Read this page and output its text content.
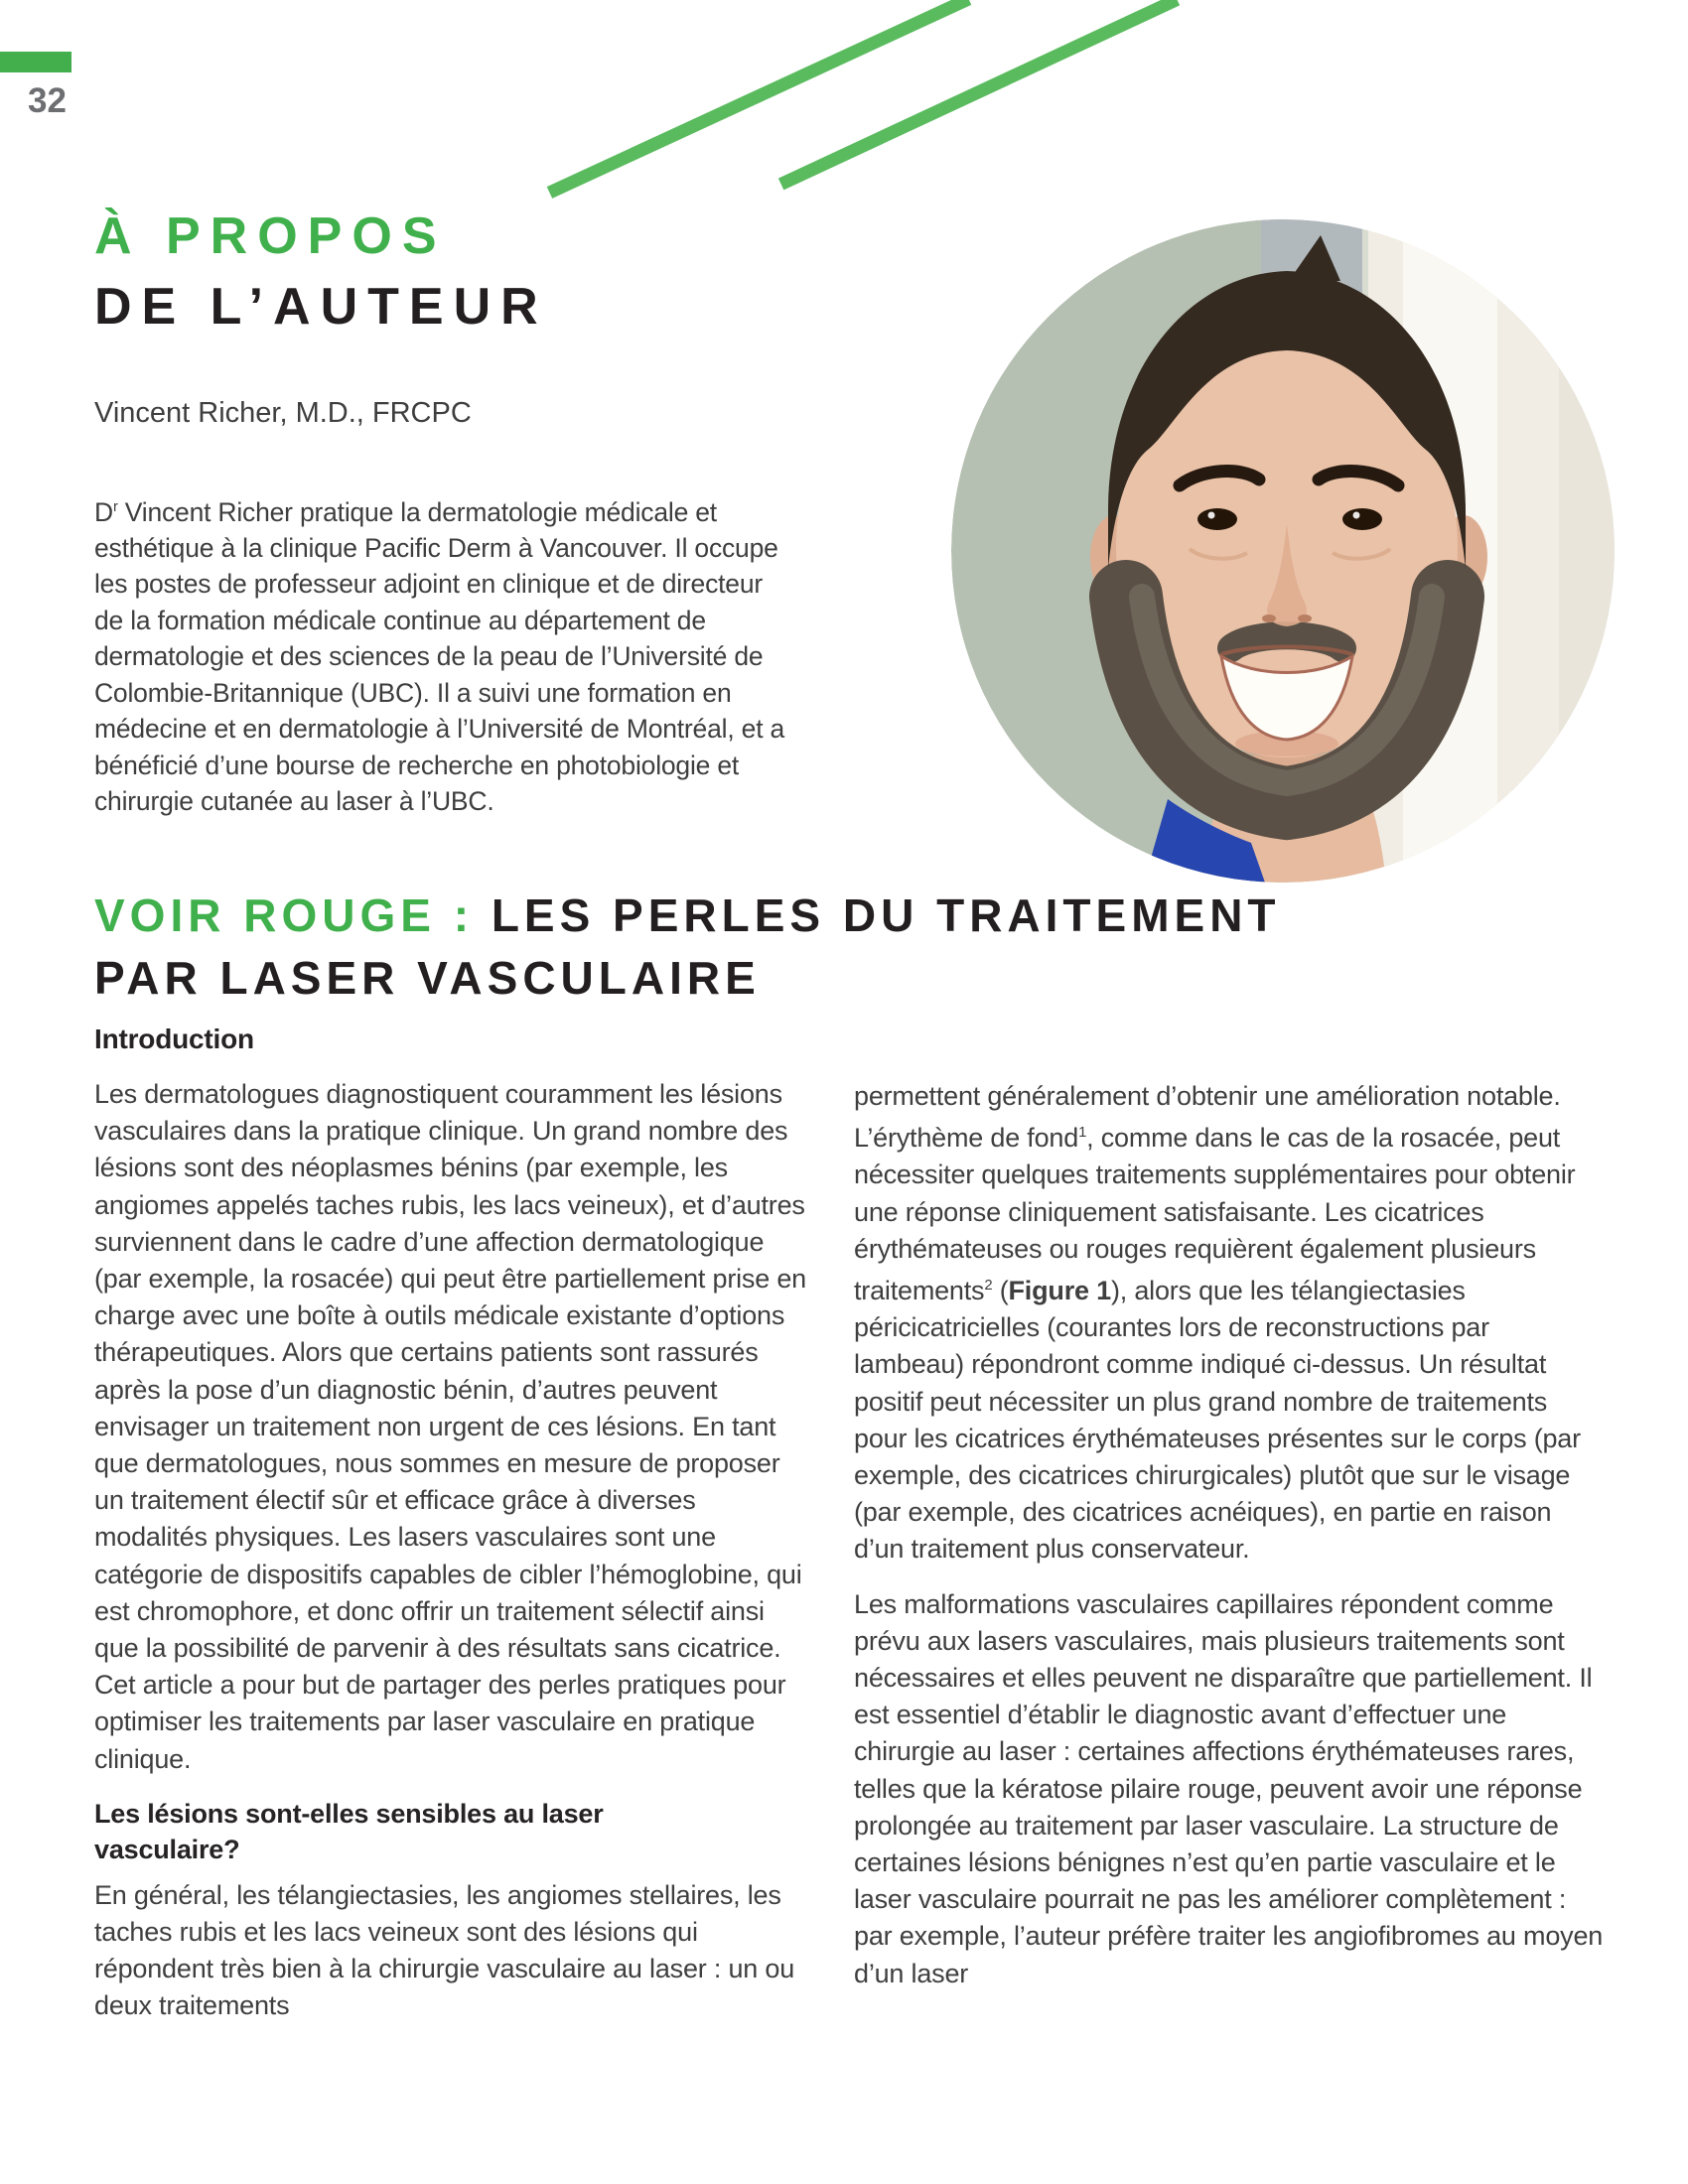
32
À PROPOS
DE L’AUTEUR
Vincent Richer, M.D., FRCPC

$D^r$ Vincent Richer pratique la dermatologie médicale et esthétique à la clinique Pacific Derm à Vancouver. Il occupe les postes de professeur adjoint en clinique et de directeur de la formation médicale continue au département de dermatologie et des sciences de la peau de l’Université de Colombie-Britannique (UBC). Il a suivi une formation en médecine et en dermatologie à l’Université de Montréal, et a bénéficié d’une bourse de recherche en photobiologie et chirurgie cutanée au laser à l’UBC.

VOIR ROUGE : LES PERLES DU TRAITEMENT
PAR LASER VASCULAIRE
Introduction

Les dermatologues diagnostiquent couramment les lésions vasculaires dans la pratique clinique. Un grand nombre des lésions sont des néoplasmes bénins (par exemple, les angiomes appelés taches rubis, les lacs veineux), et d’autres surviennent dans le cadre d’une affection dermatologique (par exemple, la rosacée) qui peut être partiellement prise en charge avec une boîte à outils médicale existante d’options thérapeutiques. Alors que certains patients sont rassurés après la pose d’un diagnostic bénin, d’autres peuvent envisager un traitement non urgent de ces lésions. En tant que dermatologues, nous sommes en mesure de proposer un traitement électif sûr et efficace grâce à diverses modalités physiques. Les lasers vasculaires sont une catégorie de dispositifs capables de cibler l’hémoglobine, qui est chromophore, et donc offrir un traitement sélectif ainsi que la possibilité de parvenir à des résultats sans cicatrice. Cet article a pour but de partager des perles pratiques pour optimiser les traitements par laser vasculaire en pratique clinique.

Les lésions sont-elles sensibles au laser vasculaire?

En général, les télangiectasies, les angiomes stellaires, les taches rubis et les lacs veineux sont des lésions qui répondent très bien à la chirurgie vasculaire au laser : un ou deux traitements

permettent généralement d’obtenir une amélioration notable. L’érythème de fond$^1$, comme dans le cas de la rosacée, peut nécessiter quelques traitements supplémentaires pour obtenir une réponse cliniquement satisfaisante. Les cicatrices érythémateuses ou rouges requièrent également plusieurs traitements$^2$ (Figure 1), alors que les télangiectasies péricicatricielles (courantes lors de reconstructions par lambeau) répondront comme indiqué ci-dessus. Un résultat positif peut nécessiter un plus grand nombre de traitements pour les cicatrices érythémateuses présentes sur le corps (par exemple, des cicatrices chirurgicales) plutôt que sur le visage (par exemple, des cicatrices acnéiques), en partie en raison d’un traitement plus conservateur.

Les malformations vasculaires capillaires répondent comme prévu aux lasers vasculaires, mais plusieurs traitements sont nécessaires et elles peuvent ne disparaître que partiellement. Il est essentiel d’établir le diagnostic avant d’effectuer une chirurgie au laser : certaines affections érythémateuses rares, telles que la kératose pilaire rouge, peuvent avoir une réponse prolongée au traitement par laser vasculaire. La structure de certaines lésions bénignes n’est qu’en partie vasculaire et le laser vasculaire pourrait ne pas les améliorer complètement : par exemple, l’auteur préfère traiter les angiofibromes au moyen d’un laser
